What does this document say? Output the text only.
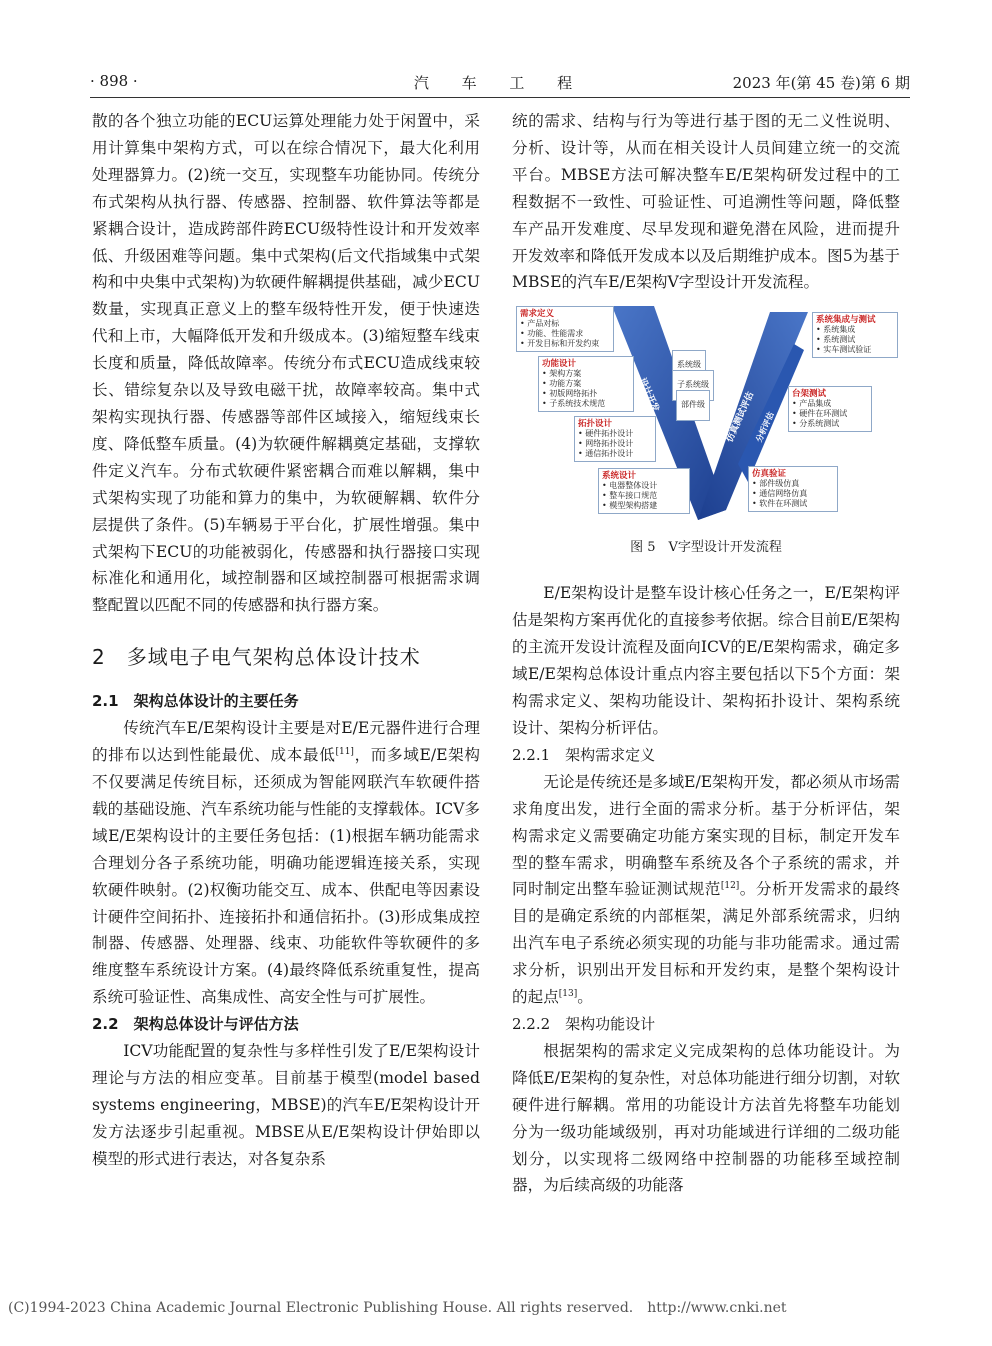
· 898 ·	汽 车 工 程	2023 年(第 45 卷)第 6 期

散的各个独立功能的ECU运算处理能力处于闲置中，采用计算集中架构方式，可以在综合情况下，最大化利用处理器算力。(2)统一交互，实现整车功能协同。传统分布式架构从执行器、传感器、控制器、软件算法等都是紧耦合设计，造成跨部件跨ECU级特性设计和开发效率低、升级困难等问题。集中式架构(后文代指域集中式架构和中央集中式架构)为软硬件解耦提供基础，减少ECU数量，实现真正意义上的整车级特性开发，便于快速迭代和上市，大幅降低开发和升级成本。(3)缩短整车线束长度和质量，降低故障率。传统分布式ECU造成线束较长、错综复杂以及导致电磁干扰，故障率较高。集中式架构实现执行器、传感器等部件区域接入，缩短线束长度、降低整车质量。(4)为软硬件解耦奠定基础，支撑软件定义汽车。分布式软硬件紧密耦合而难以解耦，集中式架构实现了功能和算力的集中，为软硬解耦、软件分层提供了条件。(5)车辆易于平台化，扩展性增强。集中式架构下ECU的功能被弱化，传感器和执行器接口实现标准化和通用化，域控制器和区域控制器可根据需求调整配置以匹配不同的传感器和执行器方案。

2　多域电子电气架构总体设计技术
2.1　架构总体设计的主要任务

传统汽车E/E架构设计主要是对E/E元器件进行合理的排布以达到性能最优、成本最低[11]，而多域E/E架构不仅要满足传统目标，还须成为智能网联汽车软硬件搭载的基础设施、汽车系统功能与性能的支撑载体。ICV多域E/E架构设计的主要任务包括：(1)根据车辆功能需求合理划分各子系统功能，明确功能逻辑连接关系，实现软硬件映射。(2)权衡功能交互、成本、供配电等因素设计硬件空间拓扑、连接拓扑和通信拓扑。(3)形成集成控制器、传感器、处理器、线束、功能软件等软硬件的多维度整车系统设计方案。(4)最终降低系统重复性，提高系统可验证性、高集成性、高安全性与可扩展性。

2.2　架构总体设计与评估方法

ICV功能配置的复杂性与多样性引发了E/E架构设计理论与方法的相应变革。目前基于模型(model based systems engineering，MBSE)的汽车E/E架构设计开发方法逐步引起重视。MBSE从E/E架构设计伊始即以模型的形式进行表达，对各复杂系

统的需求、结构与行为等进行基于图的无二义性说明、分析、设计等，从而在相关设计人员间建立统一的交流平台。MBSE方法可解决整车E/E架构研发过程中的工程数据不一致性、可验证性、可追溯性等问题，降低整车产品开发难度、尽早发现和避免潜在风险，进而提升开发效率和降低开发成本以及后期维护成本。图5为基于MBSE的汽车E/E架构V字型设计开发流程。

设计开发	仿真测试评估
分析评估
系统级
子系统级
部件级
需求定义
• 产品对标
• 功能、性能需求
• 开发目标和开发约束
功能设计
• 架构方案
• 功能方案
• 初版网络拓扑
• 子系统技术规范
拓扑设计
• 硬件拓扑设计
• 网络拓扑设计
• 通信拓扑设计
系统设计
• 电器整体设计
• 整车接口规范
• 模型架构搭建
系统集成与测试
• 系统集成
• 系统测试
• 实车测试验证
台架测试
• 产品集成
• 硬件在环测试
• 分系统测试
仿真验证
• 部件级仿真
• 通信网络仿真
• 软件在环测试
图 5　V字型设计开发流程

E/E架构设计是整车设计核心任务之一，E/E架构评估是架构方案再优化的直接参考依据。综合目前E/E架构的主流开发设计流程及面向ICV的E/E架构需求，确定多域E/E架构总体设计重点内容主要包括以下5个方面：架构需求定义、架构功能设计、架构拓扑设计、架构系统设计、架构分析评估。

2.2.1　架构需求定义

无论是传统还是多域E/E架构开发，都必须从市场需求角度出发，进行全面的需求分析。基于分析评估，架构需求定义需要确定功能方案实现的目标，制定开发车型的整车需求，明确整车系统及各个子系统的需求，并同时制定出整车验证测试规范[12]。分析开发需求的最终目的是确定系统的内部框架，满足外部系统需求，归纳出汽车电子系统必须实现的功能与非功能需求。通过需求分析，识别出开发目标和开发约束，是整个架构设计的起点[13]。

2.2.2　架构功能设计

根据架构的需求定义完成架构的总体功能设计。为降低E/E架构的复杂性，对总体功能进行细分切割，对软硬件进行解耦。常用的功能设计方法首先将整车功能划分为一级功能域级别，再对功能域进行详细的二级功能划分，以实现将二级网络中控制器的功能移至域控制器，为后续高级的功能落

(C)1994-2023 China Academic Journal Electronic Publishing House. All rights reserved.　http://www.cnki.net
